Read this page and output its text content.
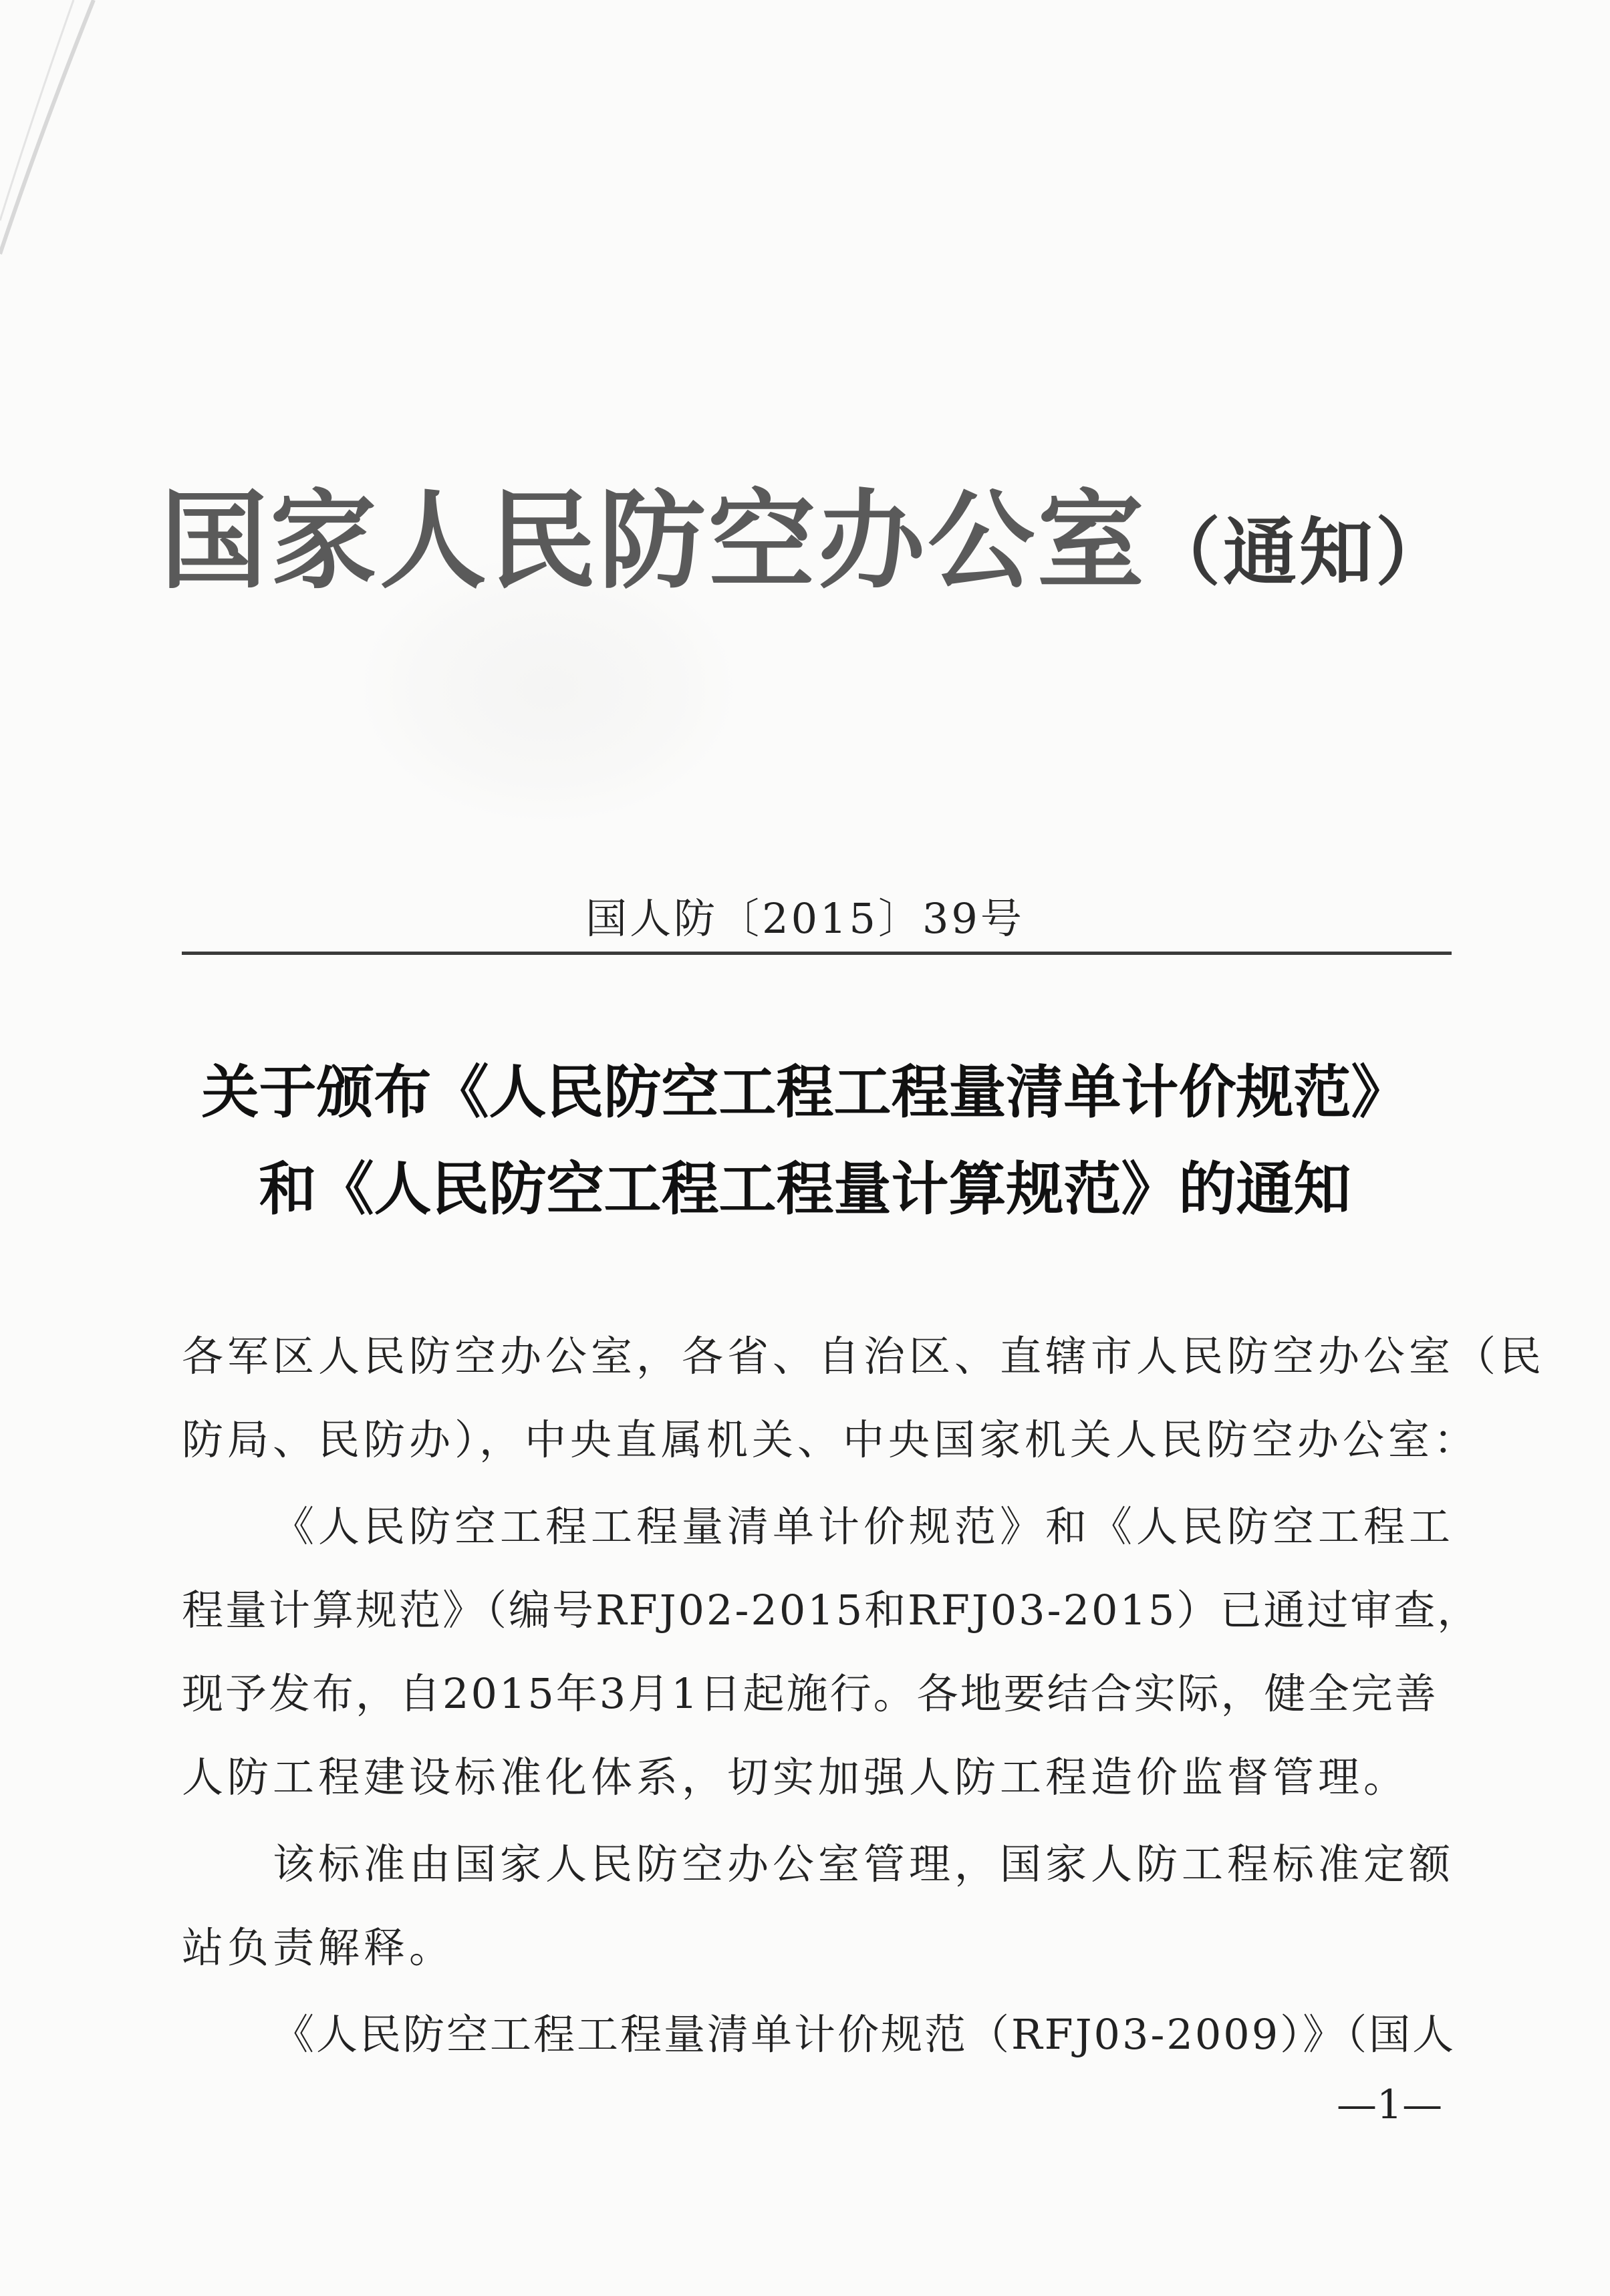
国家人民防空办公室（通知）
国人防〔2015〕39号
关于颁布《人民防空工程工程量清单计价规范》
和《人民防空工程工程量计算规范》的通知
各军区人民防空办公室，各省、自治区、直辖市人民防空办公室（民
防局、民防办），中央直属机关、中央国家机关人民防空办公室：
《人民防空工程工程量清单计价规范》和《人民防空工程工
程量计算规范》（编号RFJ02-2015和RFJ03-2015）已通过审查，
现予发布，自2015年3月1日起施行。各地要结合实际，健全完善
人防工程建设标准化体系，切实加强人防工程造价监督管理。
该标准由国家人民防空办公室管理，国家人防工程标准定额
站负责解释。
《人民防空工程工程量清单计价规范（RFJ03-2009）》（国人
—1—
